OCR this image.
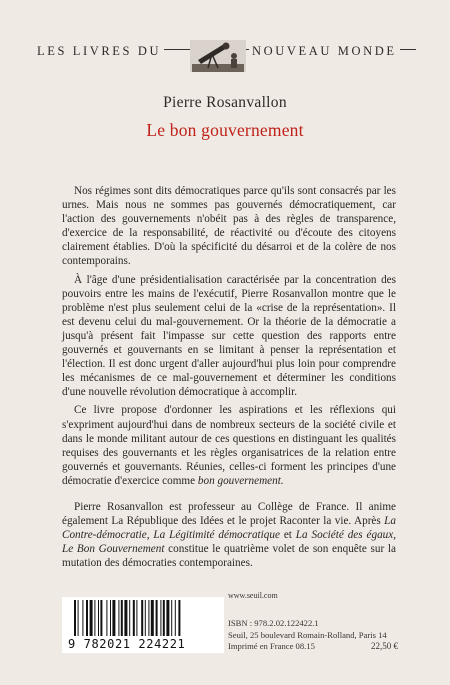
LES LIVRES DU	NOUVEAU MONDE
Pierre Rosanvallon
Le bon gouvernement

Nos régimes sont dits démocratiques parce qu'ils sont consacrés par les urnes. Mais nous ne sommes pas gouvernés démocratiquement, car l'action des gouvernements n'obéit pas à des règles de transparence, d'exercice de la responsabilité, de réactivité ou d'écoute des citoyens clairement établies. D'où la spécificité du désarroi et de la colère de nos contemporains.

À l'âge d'une présidentialisation caractérisée par la concentration des pouvoirs entre les mains de l'exécutif, Pierre Rosanvallon montre que le problème n'est plus seulement celui de la «crise de la représentation». Il est devenu celui du mal-gouvernement. Or la théorie de la démocratie a jusqu'à présent fait l'impasse sur cette question des rapports entre gouvernés et gouvernants en se limitant à penser la représentation et l'élection. Il est donc urgent d'aller aujourd'hui plus loin pour comprendre les mécanismes de ce mal-gouvernement et déterminer les conditions d'une nouvelle révolution démocratique à accomplir.

Ce livre propose d'ordonner les aspirations et les réflexions qui s'expriment aujourd'hui dans de nombreux secteurs de la société civile et dans le monde militant autour de ces questions en distinguant les qualités requises des gouvernants et les règles organisatrices de la relation entre gouvernés et gouvernants. Réunies, celles-ci forment les principes d'une démocratie d'exercice comme bon gouvernement.

Pierre Rosanvallon est professeur au Collège de France. Il anime également La République des Idées et le projet Raconter la vie. Après La Contre-démocratie, La Légitimité démocratique et La Société des égaux, Le Bon Gouvernement constitue le quatrième volet de son enquête sur la mutation des démocraties contemporaines.

9 782021 224221
www.seuil.com
ISBN : 978.2.02.122422.1
Seuil, 25 boulevard Romain-Rolland, Paris 14
Imprimé en France 08.15	22,50 €
